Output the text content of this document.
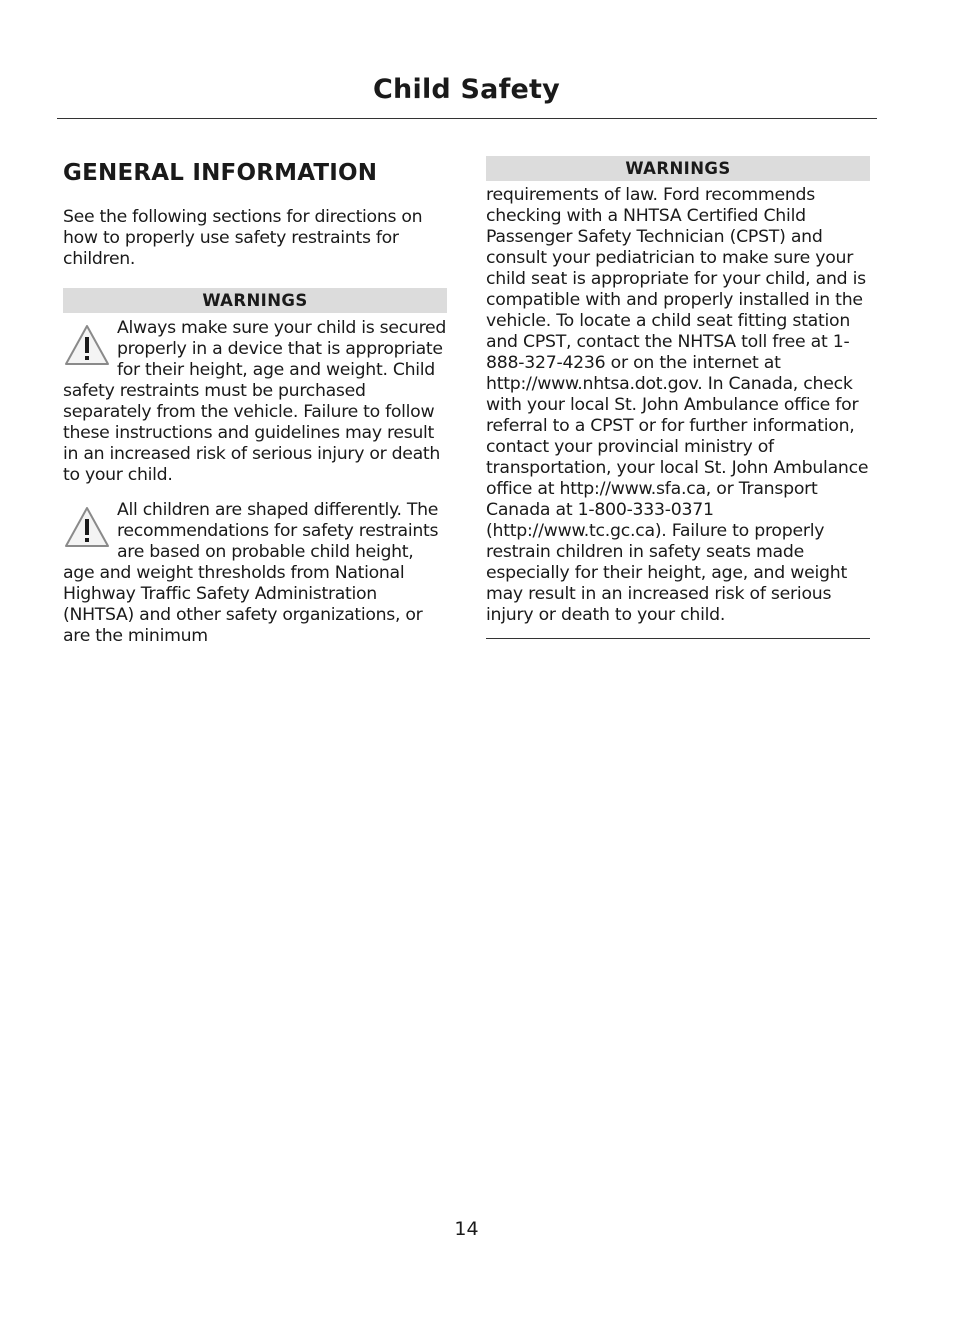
Child Safety
GENERAL INFORMATION

See the following sections for directions on how to properly use safety restraints for children.

WARNINGS
Always make sure your child is secured properly in a device that is appropriate for their height, age and weight. Child safety restraints must be purchased separately from the vehicle. Failure to follow these instructions and guidelines may result in an increased risk of serious injury or death to your child.
All children are shaped differently. The recommendations for safety restraints are based on probable child height, age and weight thresholds from National Highway Traffic Safety Administration (NHTSA) and other safety organizations, or are the minimum
WARNINGS

requirements of law. Ford recommends checking with a NHTSA Certified Child Passenger Safety Technician (CPST) and consult your pediatrician to make sure your child seat is appropriate for your child, and is compatible with and properly installed in the vehicle. To locate a child seat fitting station and CPST, contact the NHTSA toll free at 1-888-327-4236 or on the internet at http://www.nhtsa.dot.gov. In Canada, check with your local St. John Ambulance office for referral to a CPST or for further information, contact your provincial ministry of transportation, your local St. John Ambulance office at http://www.sfa.ca, or Transport Canada at 1-800-333-0371 (http://www.tc.gc.ca). Failure to properly restrain children in safety seats made especially for their height, age, and weight may result in an increased risk of serious injury or death to your child.

14
